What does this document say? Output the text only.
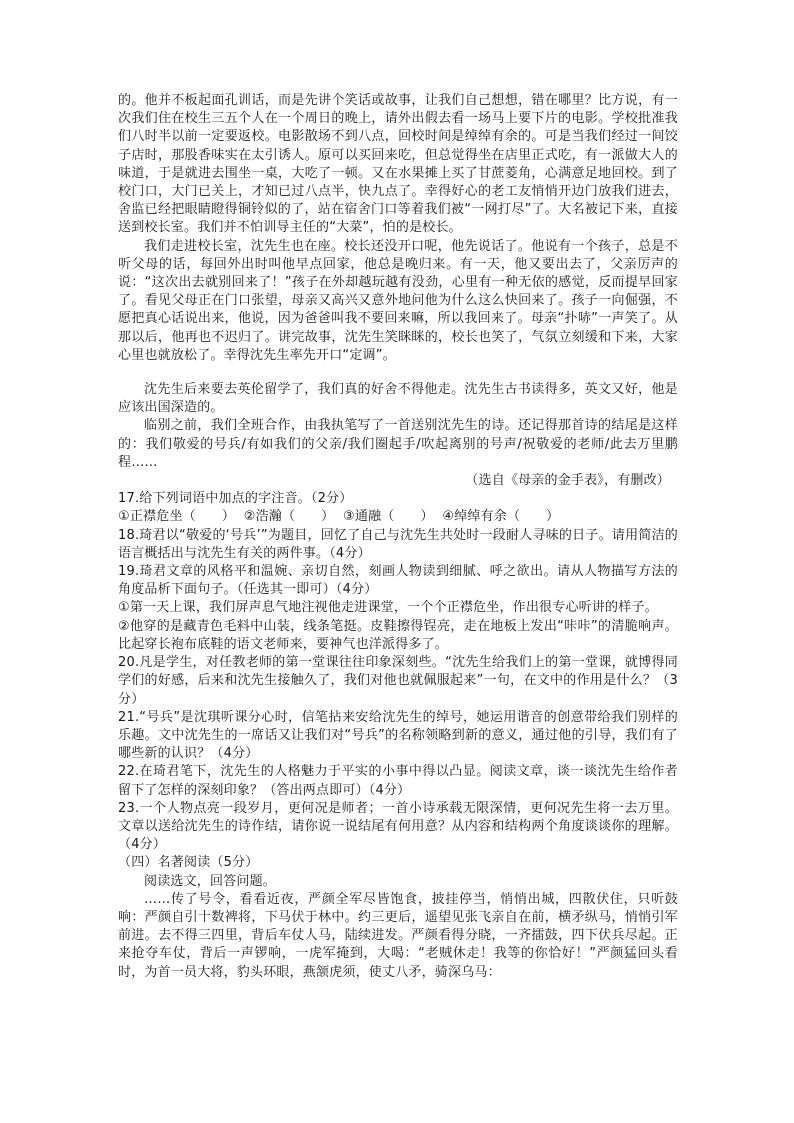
的。他并不板起面孔训话，而是先讲个笑话或故事，让我们自己想想，错在哪里？比方说，有一次我们住在校生三五个人在一个周日的晚上，请外出假去看一场马上要下片的电影。学校批准我们八时半以前一定要返校。电影散场不到八点，回校时间是绰绰有余的。可是当我们经过一间饺子店时，那股香味实在太引诱人。原可以买回来吃，但总觉得坐在店里正式吃，有一派做大人的味道，于是就进去围坐一桌，大吃了一顿。又在水果摊上买了甘蔗菱角，心满意足地回校。到了校门口，大门已关上，才知已过八点半，快九点了。幸得好心的老工友悄悄开边门放我们进去，舍监已经把眼睛瞪得铜铃似的了，站在宿舍门口等着我们被“一网打尽”了。大名被记下来，直接送到校长室。我们并不怕训导主任的“大菜”，怕的是校长。

我们走进校长室，沈先生也在座。校长还没开口呢，他先说话了。他说有一个孩子，总是不听父母的话，每回外出时叫他早点回家，他总是晚归来。有一天，他又要出去了，父亲厉声的说：“这次出去就别回来了！”孩子在外却越玩越有没劲，心里有一种无依的感觉，反而提早回家了。看见父母正在门口张望，母亲又高兴又意外地问他为什么这么快回来了。孩子一向倔强，不愿把真心话说出来，他说，因为爸爸叫我不要回来嘛，所以我回来了。母亲“扑哧”一声笑了。从那以后，他再也不迟归了。讲完故事，沈先生笑眯眯的，校长也笑了，气氛立刻缓和下来，大家心里也就放松了。幸得沈先生率先开口“定调”。

沈先生后来要去英伦留学了，我们真的好舍不得他走。沈先生古书读得多，英文又好，他是应该出国深造的。

临别之前，我们全班合作，由我执笔写了一首送别沈先生的诗。还记得那首诗的结尾是这样的：我们敬爱的号兵/有如我们的父亲/我们圈起手/吹起离别的号声/祝敬爱的老师/此去万里鹏程……

（选自《母亲的金手表》，有删改）

17.给下列词语中加点的字注音。（2分）

①正襟危坐（      ）  ②浩瀚（      ）  ③通融（      ）  ④绰绰有余（      ）

18.琦君以“敬爱的‘号兵’”为题目，回忆了自己与沈先生共处时一段耐人寻味的日子。请用简洁的语言概括出与沈先生有关的两件事。（4分）

19.琦君文章的风格平和温婉、亲切自然，刻画人物读到细腻、呼之欲出。请从人物描写方法的角度品析下面句子。（任选其一即可）（4分）

①第一天上课，我们屏声息气地注视他走进课堂，一个个正襟危坐，作出很专心听讲的样子。

②他穿的是藏青色毛料中山装，线条笔挺。皮鞋擦得锃亮，走在地板上发出“咔咔”的清脆响声。比起穿长袍布底鞋的语文老师来，要神气也洋派得多了。

20.凡是学生，对任教老师的第一堂课往往印象深刻些。“沈先生给我们上的第一堂课，就博得同学们的好感，后来和沈先生接触久了，我们对他也就佩服起来”一句，在文中的作用是什么？（3分）

21.“号兵”是沈琪听课分心时，信笔拈来安给沈先生的绰号，她运用谐音的创意带给我们别样的乐趣。文中沈先生的一席话又让我们对“号兵”的名称领略到新的意义，通过他的引导，我们有了哪些新的认识？（4分）

22.在琦君笔下，沈先生的人格魅力于平实的小事中得以凸显。阅读文章，谈一谈沈先生给作者留下了怎样的深刻印象？（答出两点即可）（4分）

23.一个人物点亮一段岁月，更何况是师者；一首小诗承载无限深情，更何况先生将一去万里。文章以送给沈先生的诗作结，请你说一说结尾有何用意？从内容和结构两个角度谈谈你的理解。（4分）

（四）名著阅读（5分）

阅读选文，回答问题。

……传了号令，看看近夜，严颜全军尽皆饱食，披挂停当，悄悄出城，四散伏住，只听鼓响：严颜自引十数裨将，下马伏于林中。约三更后，遥望见张飞亲自在前，横矛纵马，悄悄引军前进。去不得三四里，背后车仗人马，陆续进发。严颜看得分晓，一齐擂鼓，四下伏兵尽起。正来抢夺车仗，背后一声锣响，一虎军掩到，大喝：“老贼休走！我等的你恰好！”严颜猛回头看时，为首一员大将，豹头环眼，燕颔虎须，使丈八矛，骑深乌马：
